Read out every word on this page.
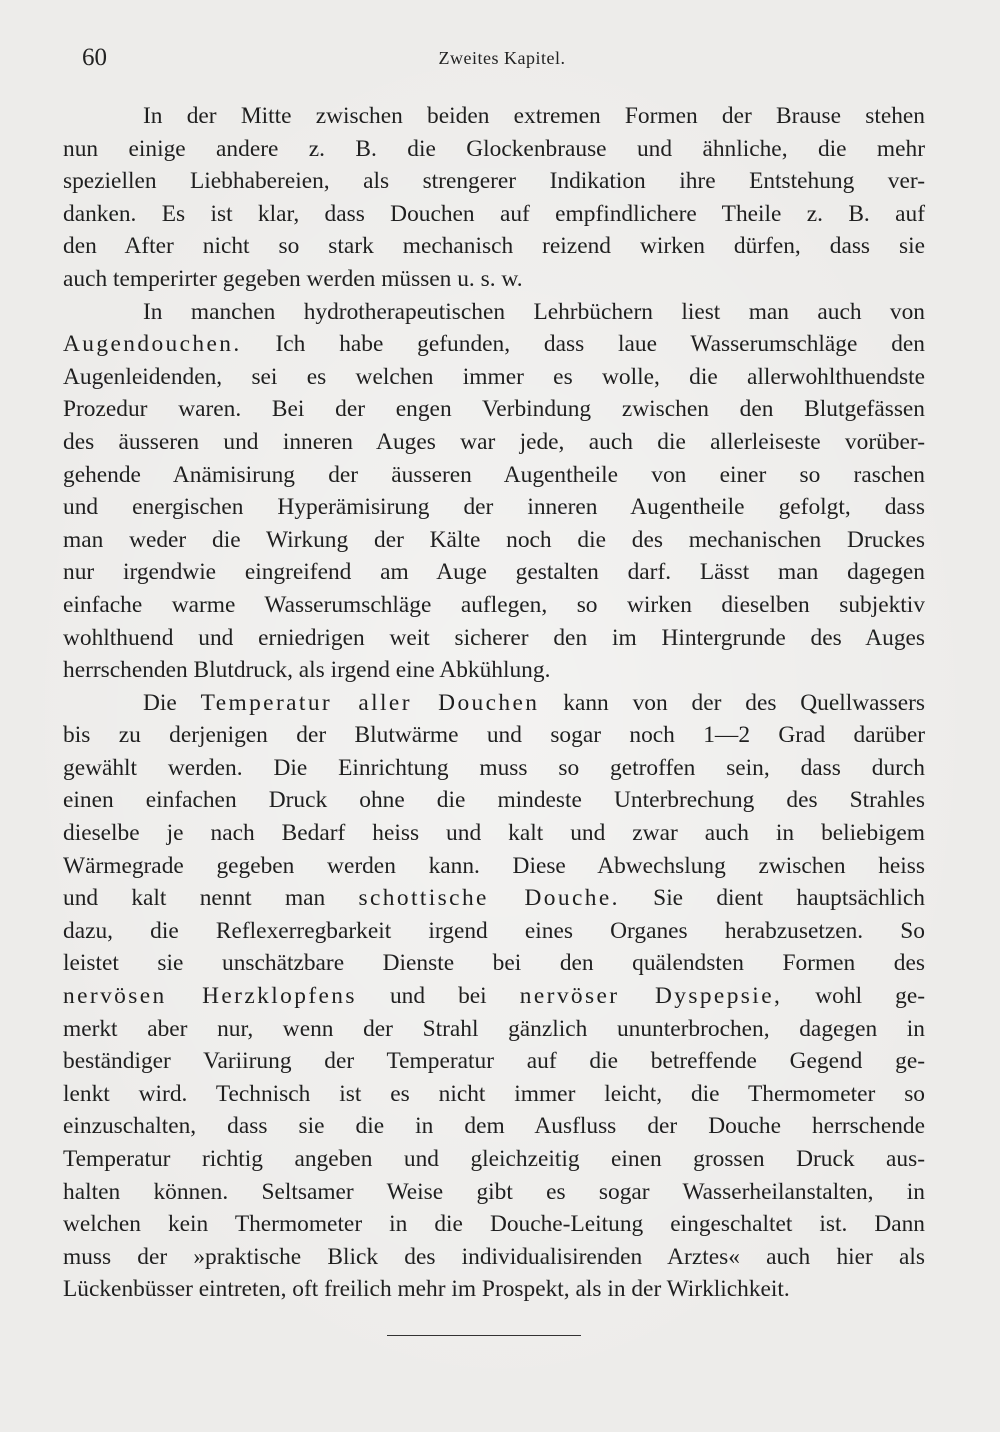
60	Zweites Kapitel.
In der Mitte zwischen beiden extremen Formen der Brause stehen
nun einige andere z. B. die Glockenbrause und ähnliche, die mehr
speziellen Liebhabereien, als strengerer Indikation ihre Entstehung ver-
danken. Es ist klar, dass Douchen auf empfindlichere Theile z. B. auf
den After nicht so stark mechanisch reizend wirken dürfen, dass sie
auch temperirter gegeben werden müssen u. s. w.
In manchen hydrotherapeutischen Lehrbüchern liest man auch von
Augendouchen. Ich habe gefunden, dass laue Wasserumschläge den
Augenleidenden, sei es welchen immer es wolle, die allerwohlthuendste
Prozedur waren. Bei der engen Verbindung zwischen den Blutgefässen
des äusseren und inneren Auges war jede, auch die allerleiseste vorüber-
gehende Anämisirung der äusseren Augentheile von einer so raschen
und energischen Hyperämisirung der inneren Augentheile gefolgt, dass
man weder die Wirkung der Kälte noch die des mechanischen Druckes
nur irgendwie eingreifend am Auge gestalten darf. Lässt man dagegen
einfache warme Wasserumschläge auflegen, so wirken dieselben subjektiv
wohlthuend und erniedrigen weit sicherer den im Hintergrunde des Auges
herrschenden Blutdruck, als irgend eine Abkühlung.
Die Temperatur aller Douchen kann von der des Quellwassers
bis zu derjenigen der Blutwärme und sogar noch 1—2 Grad darüber
gewählt werden. Die Einrichtung muss so getroffen sein, dass durch
einen einfachen Druck ohne die mindeste Unterbrechung des Strahles
dieselbe je nach Bedarf heiss und kalt und zwar auch in beliebigem
Wärmegrade gegeben werden kann. Diese Abwechslung zwischen heiss
und kalt nennt man schottische Douche. Sie dient hauptsächlich
dazu, die Reflexerregbarkeit irgend eines Organes herabzusetzen. So
leistet sie unschätzbare Dienste bei den quälendsten Formen des
nervösen Herzklopfens und bei nervöser Dyspepsie, wohl ge-
merkt aber nur, wenn der Strahl gänzlich ununterbrochen, dagegen in
beständiger Variirung der Temperatur auf die betreffende Gegend ge-
lenkt wird. Technisch ist es nicht immer leicht, die Thermometer so
einzuschalten, dass sie die in dem Ausfluss der Douche herrschende
Temperatur richtig angeben und gleichzeitig einen grossen Druck aus-
halten können. Seltsamer Weise gibt es sogar Wasserheilanstalten, in
welchen kein Thermometer in die Douche-Leitung eingeschaltet ist. Dann
muss der »praktische Blick des individualisirenden Arztes« auch hier als
Lückenbüsser eintreten, oft freilich mehr im Prospekt, als in der Wirklichkeit.
